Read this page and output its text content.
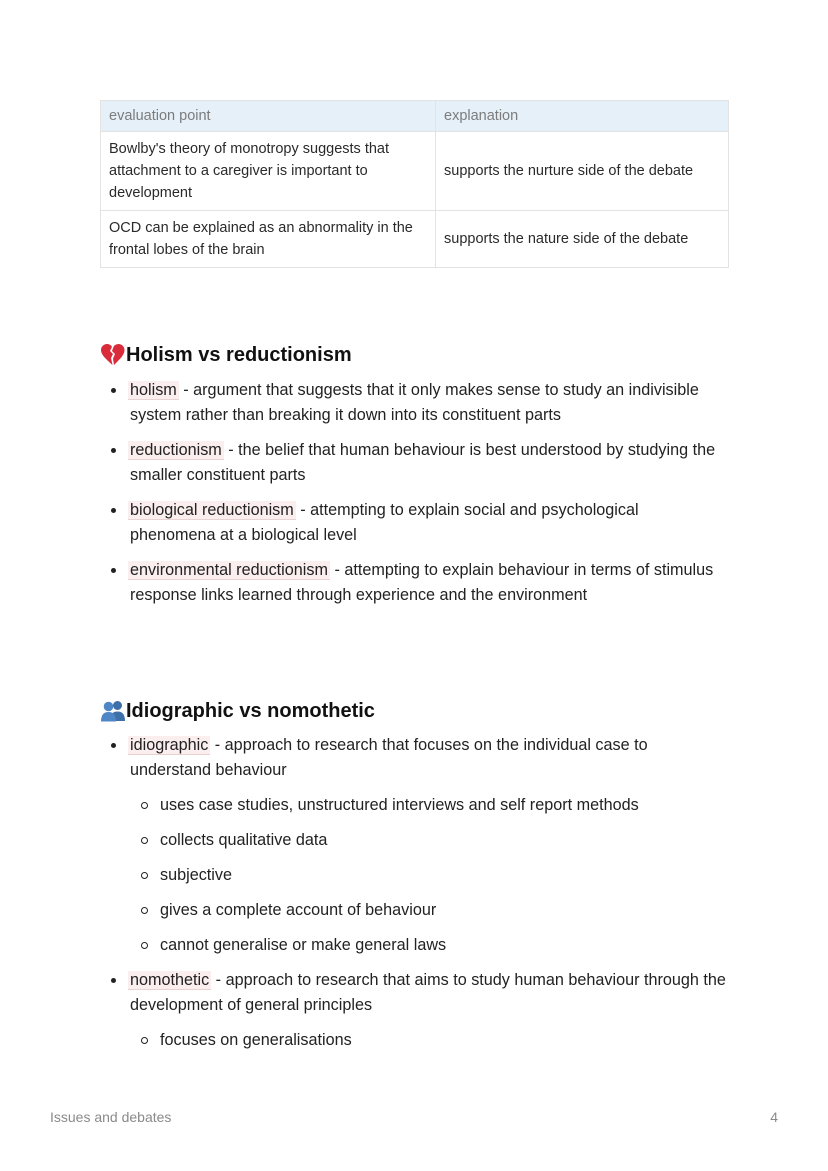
evaluation point	explanation
Bowlby's theory of monotropy suggests that attachment to a caregiver is important to development	supports the nurture side of the debate
OCD can be explained as an abnormality in the frontal lobes of the brain	supports the nature side of the debate
Holism vs reductionism
holism - argument that suggests that it only makes sense to study an indivisible system rather than breaking it down into its constituent parts
reductionism - the belief that human behaviour is best understood by studying the smaller constituent parts
biological reductionism - attempting to explain social and psychological phenomena at a biological level
environmental reductionism - attempting to explain behaviour in terms of stimulus response links learned through experience and the environment
Idiographic vs nomothetic
idiographic - approach to research that focuses on the individual case to understand behaviour
uses case studies, unstructured interviews and self report methods
collects qualitative data
subjective
gives a complete account of behaviour
cannot generalise or make general laws
nomothetic - approach to research that aims to study human behaviour through the development of general principles
focuses on generalisations
Issues and debates	4
